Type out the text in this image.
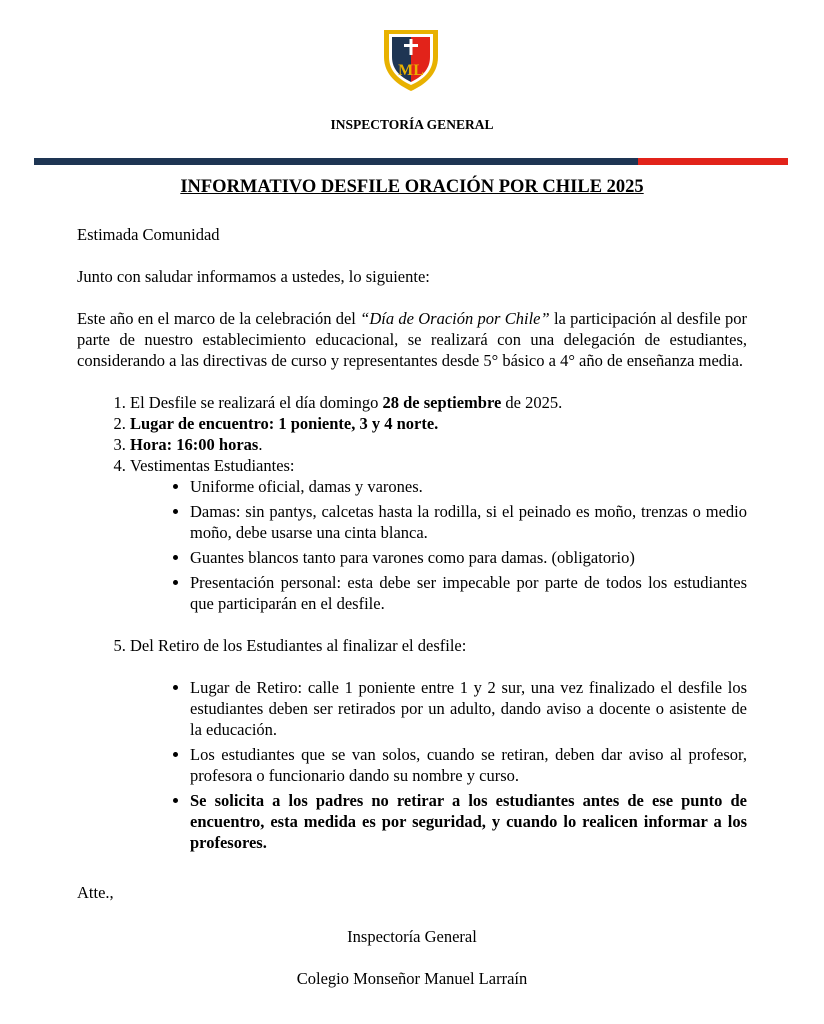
ML
INSPECTORÍA GENERAL
INFORMATIVO DESFILE ORACIÓN POR CHILE 2025

Estimada Comunidad

Junto con saludar informamos a ustedes, lo siguiente:

Este año en el marco de la celebración del “Día de Oración por Chile” la participación al desfile por parte de nuestro establecimiento educacional, se realizará con una delegación de estudiantes, considerando a las directivas de curso y representantes desde 5° básico a 4° año de enseñanza media.

1. El Desfile se realizará el día domingo 28 de septiembre de 2025.
2. Lugar de encuentro: 1 poniente, 3 y 4 norte.
3. Hora: 16:00 horas.
4. Vestimentas Estudiantes:
• Uniforme oficial, damas y varones.
• Damas: sin pantys, calcetas hasta la rodilla, si el peinado es moño, trenzas o medio moño, debe usarse una cinta blanca.
• Guantes blancos tanto para varones como para damas. (obligatorio)
• Presentación personal: esta debe ser impecable por parte de todos los estudiantes que participarán en el desfile.
5. Del Retiro de los Estudiantes al finalizar el desfile:
• Lugar de Retiro: calle 1 poniente entre 1 y 2 sur, una vez finalizado el desfile los estudiantes deben ser retirados por un adulto, dando aviso a docente o asistente de la educación.
• Los estudiantes que se van solos, cuando se retiran, deben dar aviso al profesor, profesora o funcionario dando su nombre y curso.
• Se solicita a los padres no retirar a los estudiantes antes de ese punto de encuentro, esta medida es por seguridad, y cuando lo realicen informar a los profesores.
Atte.,
Inspectoría General
Colegio Monseñor Manuel Larraín
